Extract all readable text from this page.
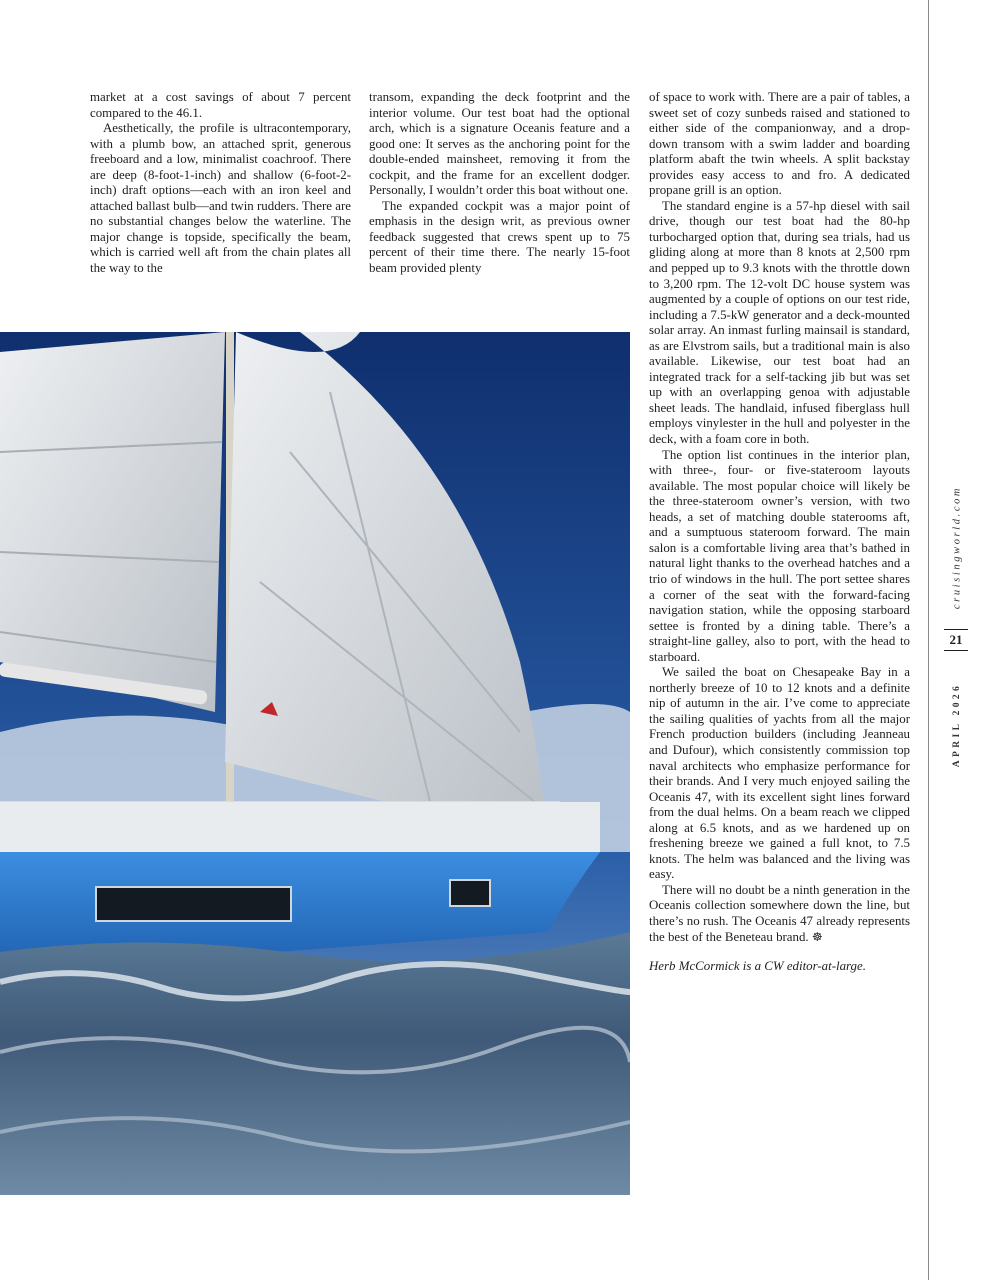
market at a cost savings of about 7 percent compared to the 46.1.

Aesthetically, the profile is ultracontemporary, with a plumb bow, an attached sprit, generous freeboard and a low, minimalist coachroof. There are deep (8-foot-1-inch) and shallow (6-foot-2-inch) draft options—each with an iron keel and attached ballast bulb—and twin rudders. There are no substantial changes below the waterline. The major change is topside, specifically the beam, which is carried well aft from the chain plates all the way to the

transom, expanding the deck footprint and the interior volume. Our test boat had the optional arch, which is a signature Oceanis feature and a good one: It serves as the anchoring point for the double-ended mainsheet, removing it from the cockpit, and the frame for an excellent dodger. Personally, I wouldn’t order this boat without one.

The expanded cockpit was a major point of emphasis in the design writ, as previous owner feedback suggested that crews spent up to 75 percent of their time there. The nearly 15-foot beam provided plenty

of space to work with. There are a pair of tables, a sweet set of cozy sunbeds raised and stationed to either side of the companionway, and a drop-down transom with a swim ladder and boarding platform abaft the twin wheels. A split backstay provides easy access to and fro. A dedicated propane grill is an option.

The standard engine is a 57-hp diesel with sail drive, though our test boat had the 80-hp turbocharged option that, during sea trials, had us gliding along at more than 8 knots at 2,500 rpm and pepped up to 9.3 knots with the throttle down to 3,200 rpm. The 12-volt DC house system was augmented by a couple of options on our test ride, including a 7.5-kW generator and a deck-mounted solar array. An inmast furling mainsail is standard, as are Elvstrom sails, but a traditional main is also available. Likewise, our test boat had an integrated track for a self-tacking jib but was set up with an overlapping genoa with adjustable sheet leads. The handlaid, infused fiberglass hull employs vinylester in the hull and polyester in the deck, with a foam core in both.

The option list continues in the interior plan, with three-, four- or five-stateroom layouts available. The most popular choice will likely be the three-stateroom owner’s version, with two heads, a set of matching double staterooms aft, and a sumptuous stateroom forward. The main salon is a comfortable living area that’s bathed in natural light thanks to the overhead hatches and a trio of windows in the hull. The port settee shares a corner of the seat with the forward-facing navigation station, while the opposing starboard settee is fronted by a dining table. There’s a straight-line galley, also to port, with the head to starboard.

We sailed the boat on Chesapeake Bay in a northerly breeze of 10 to 12 knots and a definite nip of autumn in the air. I’ve come to appreciate the sailing qualities of yachts from all the major French production builders (including Jeanneau and Dufour), which consistently commission top naval architects who emphasize performance for their brands. And I very much enjoyed sailing the Oceanis 47, with its excellent sight lines forward from the dual helms. On a beam reach we clipped along at 6.5 knots, and as we hardened up on freshening breeze we gained a full knot, to 7.5 knots. The helm was balanced and the living was easy.

There will no doubt be a ninth generation in the Oceanis collection somewhere down the line, but there’s no rush. The Oceanis 47 already represents the best of the Beneteau brand. ☸

Herb McCormick is a CW editor-at-large.

cruisingworld.com
APRIL 2026
21
